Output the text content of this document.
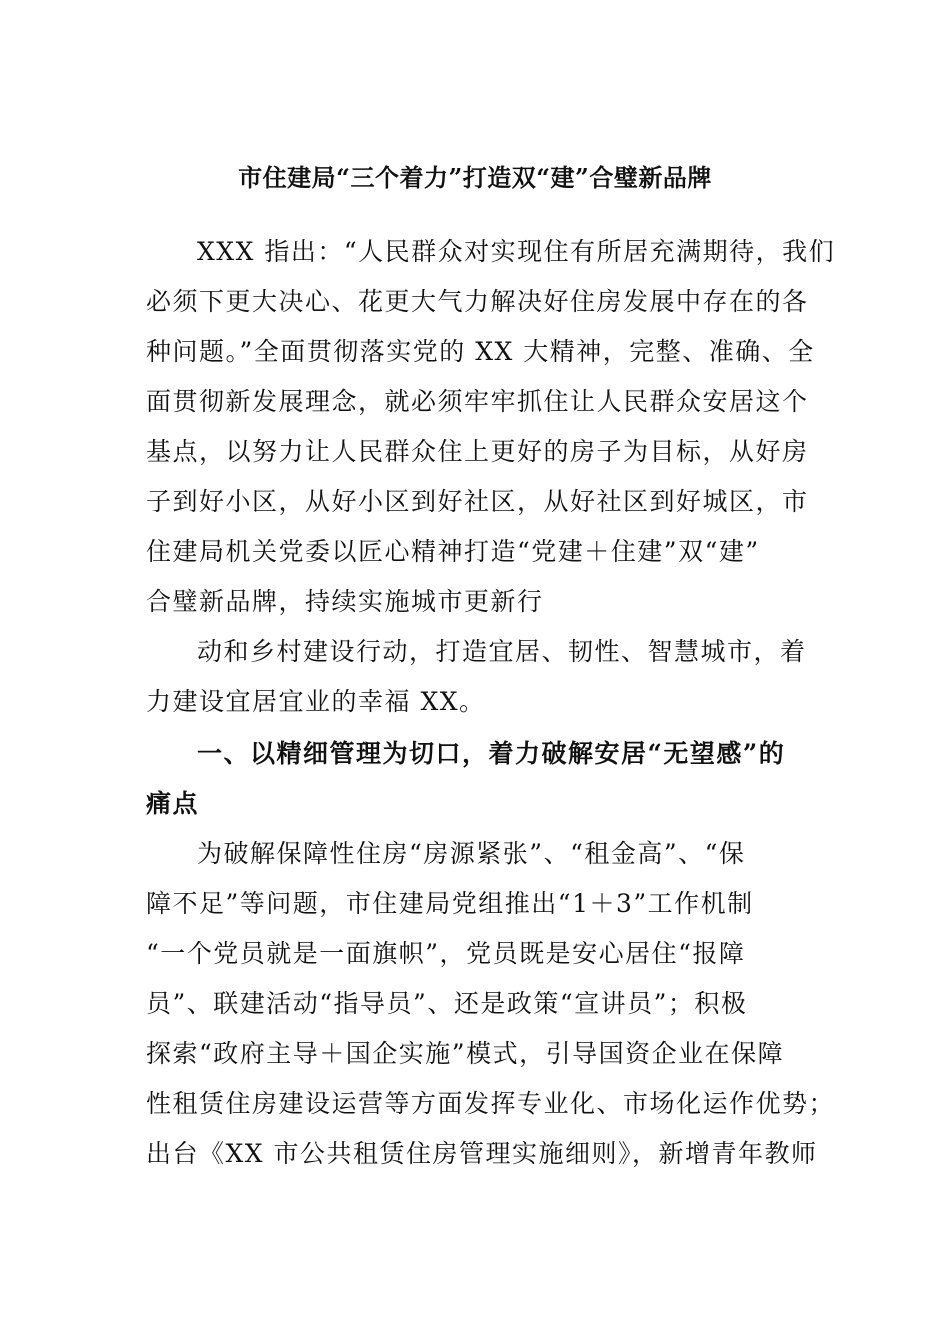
市住建局“三个着力”打造双“建”合璧新品牌
XXX 指出：“人民群众对实现住有所居充满期待，我们
必须下更大决心、花更大气力解决好住房发展中存在的各
种问题。”全面贯彻落实党的 XX 大精神，完整、准确、全
面贯彻新发展理念，就必须牢牢抓住让人民群众安居这个
基点，以努力让人民群众住上更好的房子为目标，从好房
子到好小区，从好小区到好社区，从好社区到好城区，市
住建局机关党委以匠心精神打造“党建＋住建”双“建”
合璧新品牌，持续实施城市更新行
动和乡村建设行动，打造宜居、韧性、智慧城市，着
力建设宜居宜业的幸福 XX。
一、以精细管理为切口，着力破解安居“无望感”的
痛点
为破解保障性住房“房源紧张”、“租金高”、“保
障不足”等问题，市住建局党组推出“1＋3”工作机制
“一个党员就是一面旗帜”，党员既是安心居住“报障
员”、联建活动“指导员”、还是政策“宣讲员”；积极
探索“政府主导＋国企实施”模式，引导国资企业在保障
性租赁住房建设运营等方面发挥专业化、市场化运作优势；
出台《XX 市公共租赁住房管理实施细则》，新增青年教师
